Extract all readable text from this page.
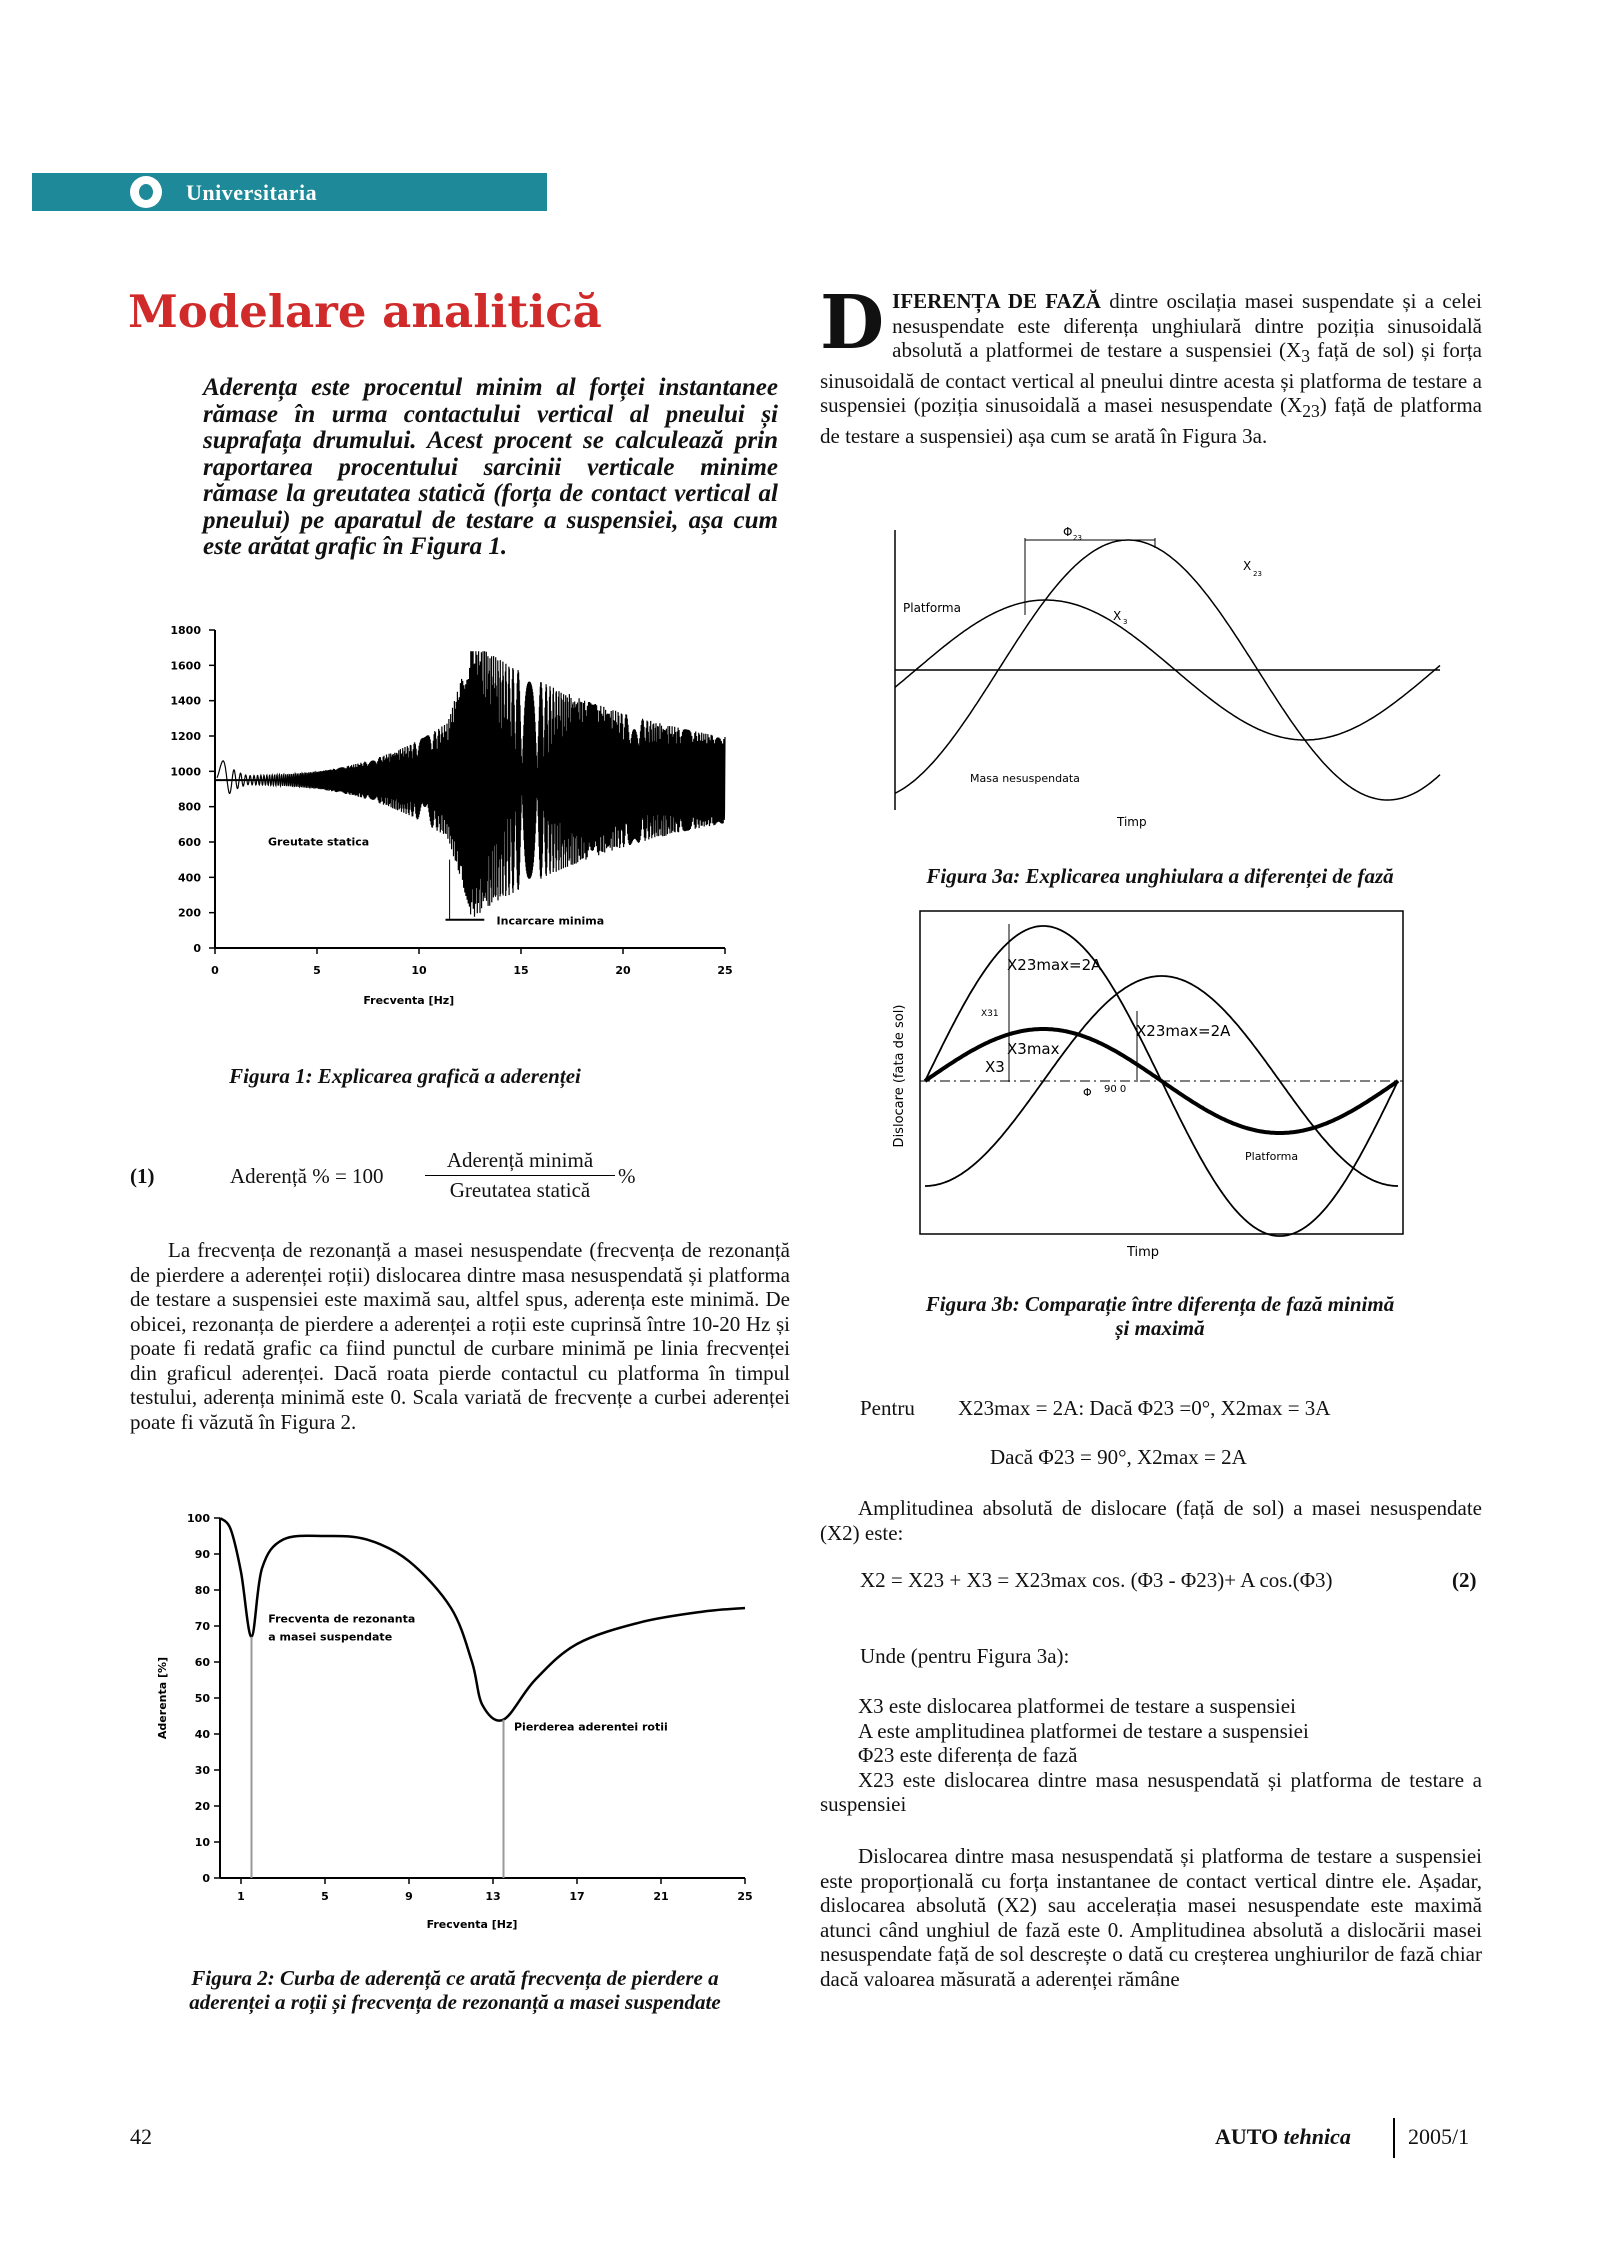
Universitaria
Modelare analitică
Aderența este procentul minim al forței instantanee rămase în urma contactului vertical al pneului și suprafața drumului. Acest procent se calculează prin raportarea procentului sarcinii verticale minime rămase la greutatea statică (forța de contact vertical al pneului) pe aparatul de testare a suspensiei, așa cum este arătat grafic în Figura 1.
DIFERENȚA DE FAZĂ dintre oscilația masei suspendate și a celei nesuspendate este diferența unghiulară dintre poziția sinusoidală absolută a platformei de testare a suspensiei ($X_3$ față de sol) și forța sinusoidală de contact vertical al pneului dintre acesta și platforma de testare a suspensiei (poziția sinusoidală a masei nesuspendate $(X_{23})$ față de platforma de testare a suspensiei) așa cum se arată în Figura 3a.
0
200
400
600
800
1000
1200
1400
1600
1800
0	5	10	15	20	25
Frecventa [Hz]
Incarcare minima
Greutate statica
Figura 1: Explicarea grafică a aderenței
(1)	Aderență % = 100
Aderență minimă
Greutatea statică
%
La frecvența de rezonanță a masei nesuspendate (frecvența de rezonanță de pierdere a aderenței roții) dislocarea dintre masa nesuspendată și platforma de testare a suspensiei este maximă sau, altfel spus, aderența este minimă. De obicei, rezonanța de pierdere a aderenței a roții este cuprinsă între 10-20 Hz și poate fi redată grafic ca fiind punctul de curbare minimă pe linia frecvenței din graficul aderenței. Dacă roata pierde contactul cu platforma în timpul testului, aderența minimă este 0. Scala variată de frecvențe a curbei aderenței poate fi văzută în Figura 2.
0
10
20
30
40
50
60
70
80
90
100
1	5	9	13	17	21	25
Frecventa [Hz]
Aderenta [%]
Frecventa de rezonanta
a masei suspendate
Pierderea aderentei rotii
Figura 2: Curba de aderență ce arată frecvența de pierdere a
aderenței a roții și frecvența de rezonanță a masei suspendate
Φ 23
X
23
X 3
Platforma
Masa nesuspendata
Timp
Figura 3a: Explicarea unghiulara a diferenței de fază
X23max=2A
X23max=2A
X3max
X3
X31
Φ 90 0
Platforma
Dislocare (fata de sol)
Timp
Figura 3b: Comparație între diferența de fază minimă
și maximă
Pentru X23max = 2A: Dacă Φ23 =0°, X2max = 3A
Dacă Φ23 = 90°, X2max = 2A
Amplitudinea absolută de dislocare (față de sol) a masei nesuspendate (X2) este:
X2 = X23 + X3 = X23max cos. (Φ3 - Φ23)+ A cos.(Φ3)	(2)
Unde (pentru Figura 3a):
X3 este dislocarea platformei de testare a suspensiei
A este amplitudinea platformei de testare a suspensiei
Φ23 este diferența de fază
X23 este dislocarea dintre masa nesuspendată și platforma de testare a suspensiei
Dislocarea dintre masa nesuspendată și platforma de testare a suspensiei este proporțională cu forța instantanee de contact vertical dintre ele. Așadar, dislocarea absolută (X2) sau accelerația masei nesuspendate este maximă atunci când unghiul de fază este 0. Amplitudinea absolută a dislocării masei nesuspendate față de sol descrește o dată cu creșterea unghiurilor de fază chiar dacă valoarea măsurată a aderenței rămâne
42	AUTO tehnica	2005/1
